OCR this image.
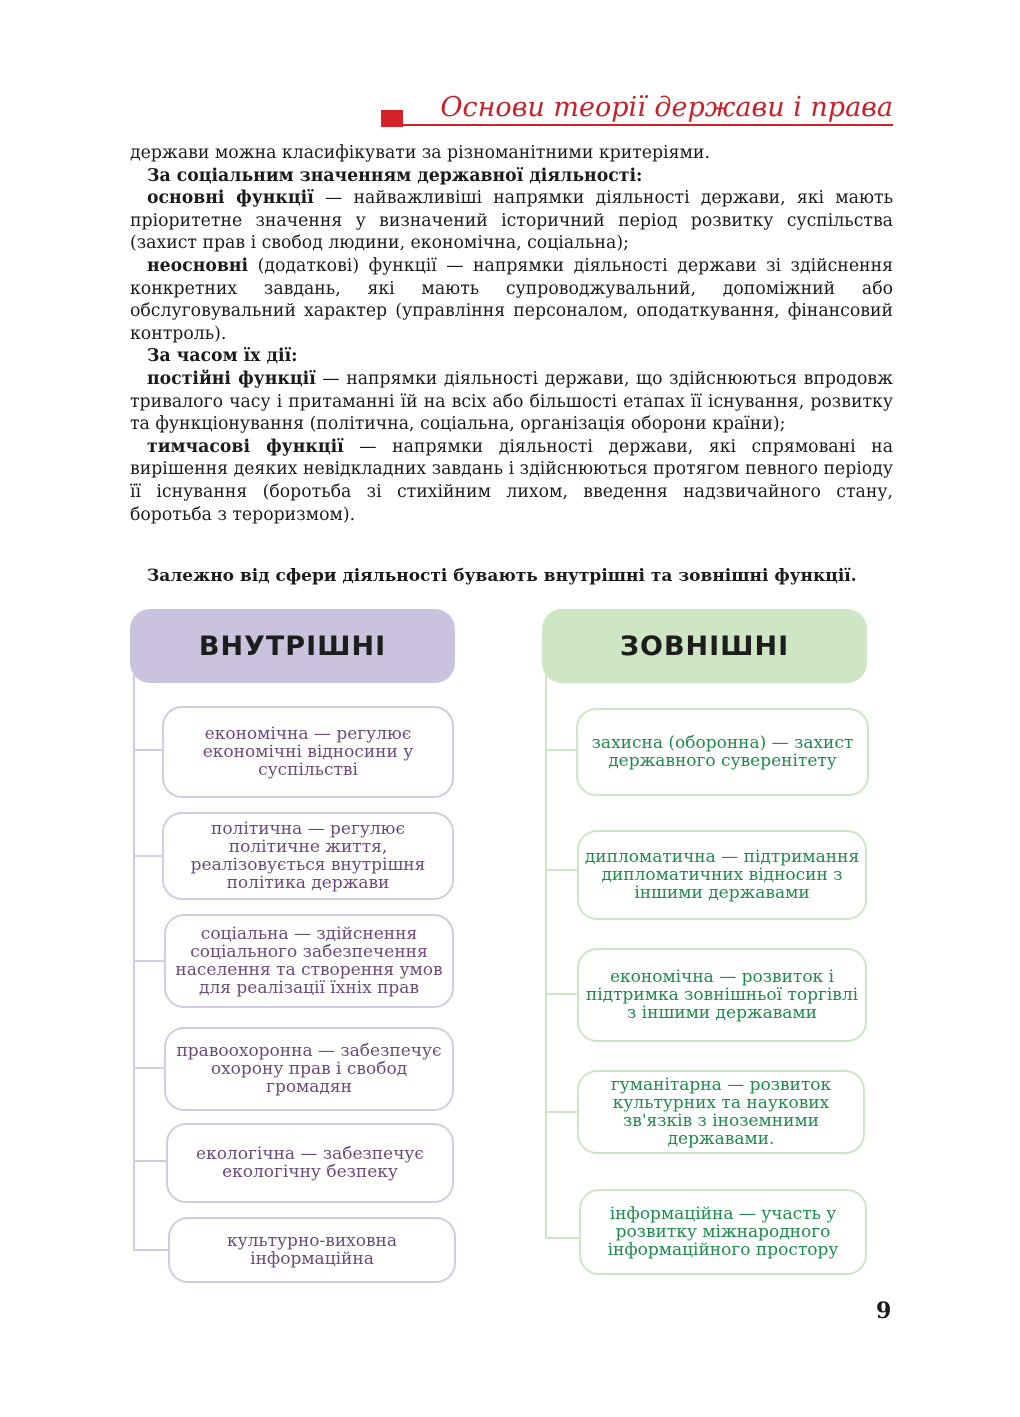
Основи теорії держави і права

держави можна класифікувати за різноманітними критеріями.

За соціальним значенням державної діяльності:

основні функції — найважливіші напрямки діяльності держави, які мають пріоритетне значення у визначений історичний період розвитку суспільства (захист прав і свобод людини, економічна, соціальна);

неосновні (додаткові) функції — напрямки діяльності держави зі здійснення конкретних завдань, які мають супроводжувальний, допоміжний або обслуговувальний характер (управління персоналом, оподаткування, фінансовий контроль).

За часом їх дії:

постійні функції — напрямки діяльності держави, що здійснюються впродовж тривалого часу і притаманні їй на всіх або більшості етапах її існування, розвитку та функціонування (політична, соціальна, організація оборони країни);

тимчасові функції — напрямки діяльності держави, які спрямовані на вирішення деяких невідкладних завдань і здійснюються протягом певного періоду її існування (боротьба зі стихійним лихом, введення надзвичайного стану, боротьба з тероризмом).

Залежно від сфери діяльності бувають внутрішні та зовнішні функції.
ВНУТРІШНІ
економічна — регулює економічні відносини у суспільстві
політична — регулює політичне життя, реалізовується внутрішня політика держави
соціальна — здійснення соціального забезпечення населення та створення умов для реалізації їхніх прав
правоохоронна — забезпечує охорону прав і свобод громадян
екологічна — забезпечує екологічну безпеку
культурно-виховна інформаційна
ЗОВНІШНІ
захисна (оборонна) — захист державного суверенітету
дипломатична — підтримання дипломатичних відносин з іншими державами
економічна — розвиток і підтримка зовнішньої торгівлі з іншими державами
гуманітарна — розвиток культурних та наукових зв'язків з іноземними державами.
інформаційна — участь у розвитку міжнародного інформаційного простору
9
